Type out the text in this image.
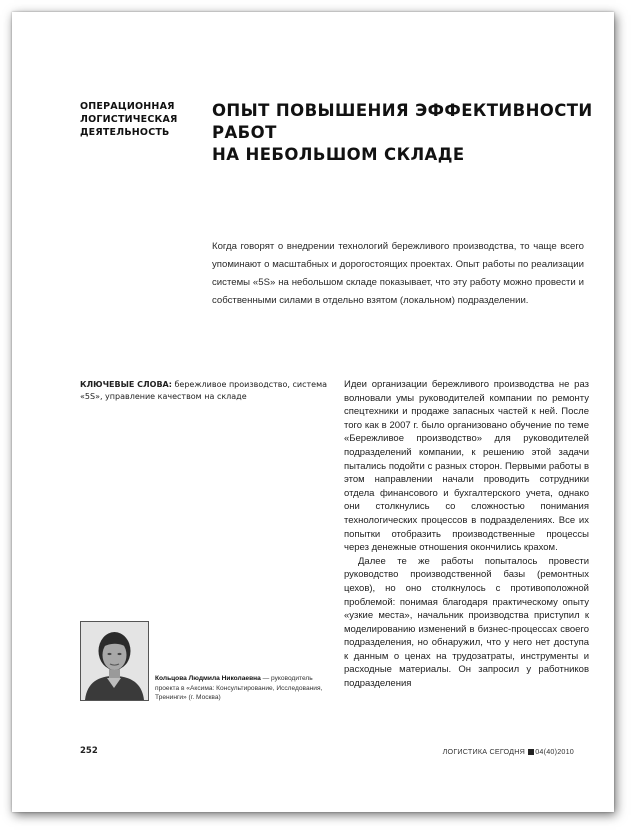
ОПЕРАЦИОННАЯ
ЛОГИСТИЧЕСКАЯ
ДЕЯТЕЛЬНОСТЬ
ОПЫТ ПОВЫШЕНИЯ ЭФФЕКТИВНОСТИ РАБОТ
НА НЕБОЛЬШОМ СКЛАДЕ
Когда говорят о внедрении технологий бережливого производства, то чаще всего упоминают о масштабных и дорогостоящих проектах. Опыт работы по реализации системы «5S» на небольшом складе показывает, что эту работу можно провести и собственными силами в отдельно взятом (локальном) подразделении.
КЛЮЧЕВЫЕ СЛОВА: бережливое производство, система «5S», управление качеством на складе

Идеи организации бережливого производства не раз волновали умы руководителей компании по ремонту спецтехники и продаже запасных частей к ней. После того как в 2007 г. было организовано обучение по теме «Бережливое производство» для руководителей подразделений компании, к решению этой задачи пытались подойти с разных сторон. Первыми работы в этом направлении начали проводить сотрудники отдела финансового и бухгалтерского учета, однако они столкнулись со сложностью понимания технологических процессов в подразделениях. Все их попытки отобразить производственные процессы через денежные отношения окончились крахом.

Далее те же работы попыталось провести руководство производственной базы (ремонтных цехов), но оно столкнулось с противоположной проблемой: понимая благодаря практическому опыту «узкие места», начальник производства приступил к моделированию изменений в бизнес-процессах своего подразделения, но обнаружил, что у него нет доступа к данным о ценах на трудозатраты, инструменты и расходные материалы. Он запросил у работников подразделения

Кольцова Людмила Николаевна — руководитель проекта в «Аксима: Консультирование, Исследования, Тренинги» (г. Москва)
252	ЛОГИСТИКА СЕГОДНЯ 04(40)2010
